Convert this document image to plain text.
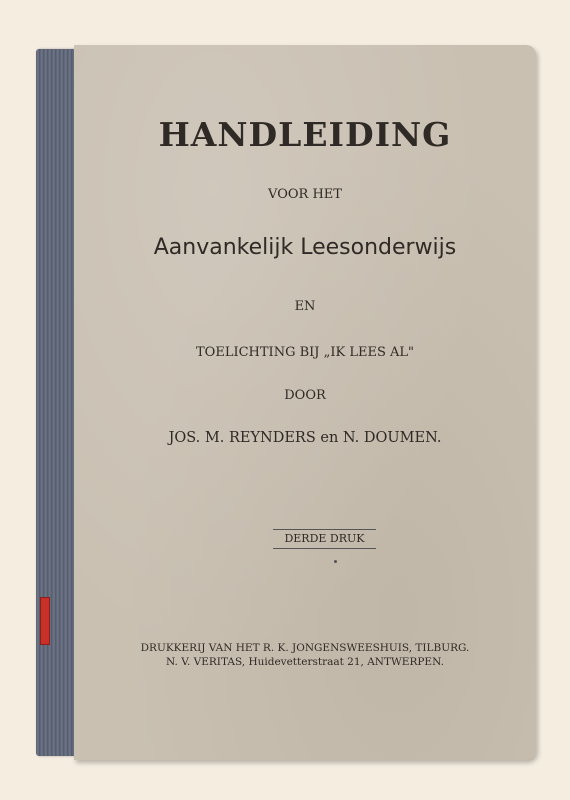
HANDLEIDING
VOOR HET
Aanvankelijk Leesonderwijs
EN
TOELICHTING BIJ „IK LEES AL"
DOOR
JOS. M. REYNDERS en N. DOUMEN.
DERDE DRUK
DRUKKERIJ VAN HET R. K. JONGENSWEESHUIS, TILBURG.
N. V. VERITAS, Huidevetterstraat 21, ANTWERPEN.
